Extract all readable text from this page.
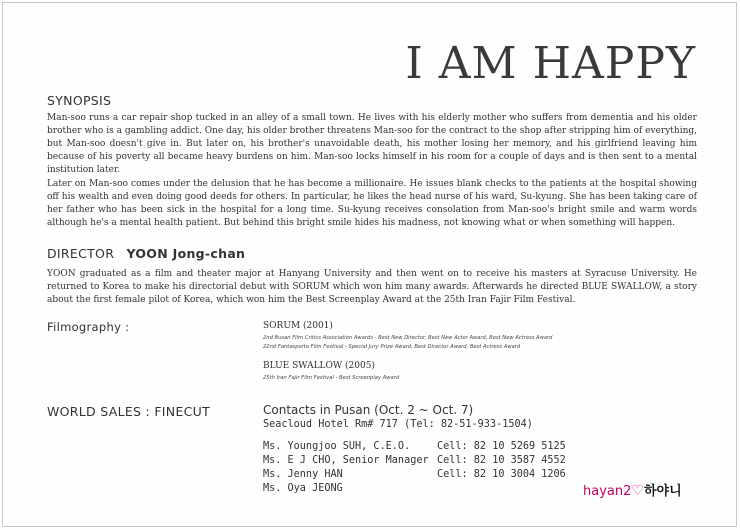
I AM HAPPY
SYNOPSIS
Man-soo runs a car repair shop tucked in an alley of a small town. He lives with his elderly mother who suffers from dementia and his older brother who is a gambling addict. One day, his older brother threatens Man-soo for the contract to the shop after stripping him of everything, but Man-soo doesn't give in. But later on, his brother's unavoidable death, his mother losing her memory, and his girlfriend leaving him because of his poverty all became heavy burdens on him. Man-soo locks himself in his room for a couple of days and is then sent to a mental institution later.
Later on Man-soo comes under the delusion that he has become a millionaire. He issues blank checks to the patients at the hospital showing off his wealth and even doing good deeds for others. In particular, he likes the head nurse of his ward, Su-kyung. She has been taking care of her father who has been sick in the hospital for a long time. Su-kyung receives consolation from Man-soo's bright smile and warm words although he's a mental health patient. But behind this bright smile hides his madness, not knowing what or when something will happen.
DIRECTOR YOON Jong-chan
YOON graduated as a film and theater major at Hanyang University and then went on to receive his masters at Syracuse University. He returned to Korea to make his directorial debut with SORUM which won him many awards. Afterwards he directed BLUE SWALLOW, a story about the first female pilot of Korea, which won him the Best Screenplay Award at the 25th Iran Fajir Film Festival.
Filmography :	SORUM (2001)
2nd Busan Film Critics Association Awards - Best New Director, Best New Actor Award, Best New Actress Award
22nd Fantasporto Film Festival - Special Jury Prize Award, Best Director Award, Best Actress Award
BLUE SWALLOW (2005)
25th Iran Fajir Film Festival - Best Screenplay Award
WORLD SALES : FINECUT	Contacts in Pusan (Oct. 2 ~ Oct. 7)
Seacloud Hotel Rm# 717 (Tel: 82-51-933-1504)
Ms. Youngjoo SUH, C.E.O.	Cell: 82 10 5269 5125
Ms. E J CHO, Senior Manager Cell: 82 10 3587 4552
Ms. Jenny HAN	Cell: 82 10 3004 1206
Ms. Oya JEONG	hayan2♡하야니
